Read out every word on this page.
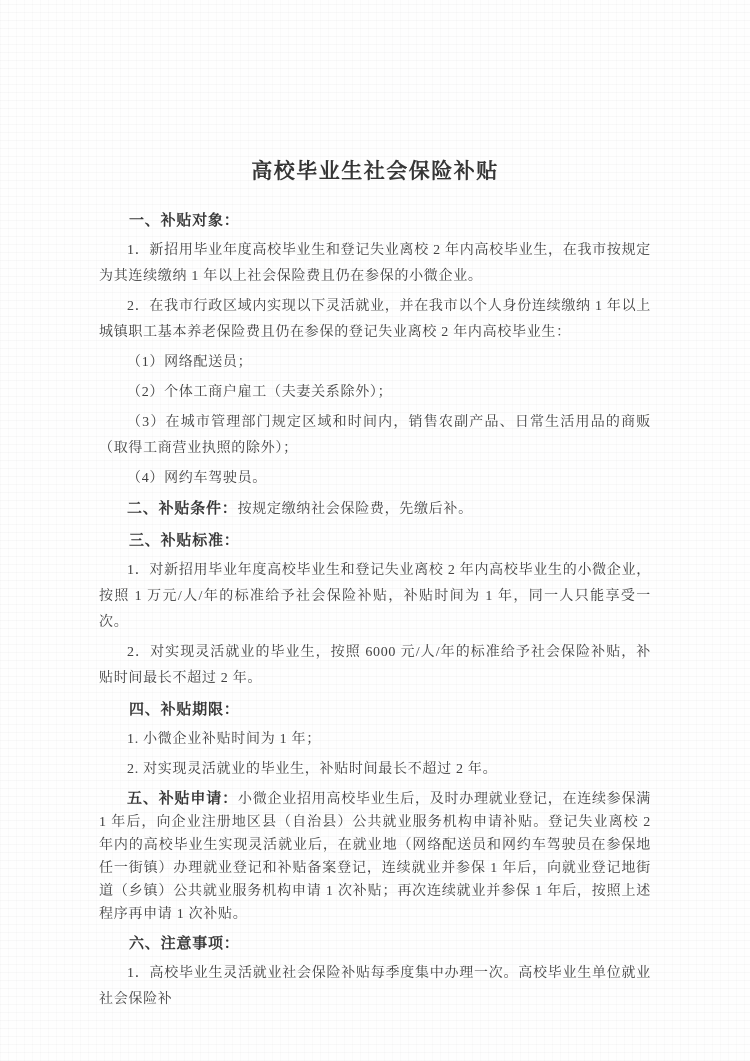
高校毕业生社会保险补贴
一、补贴对象：

1．新招用毕业年度高校毕业生和登记失业离校 2 年内高校毕业生，在我市按规定为其连续缴纳 1 年以上社会保险费且仍在参保的小微企业。

2．在我市行政区域内实现以下灵活就业，并在我市以个人身份连续缴纳 1 年以上城镇职工基本养老保险费且仍在参保的登记失业离校 2 年内高校毕业生：

（1）网络配送员；

（2）个体工商户雇工（夫妻关系除外）；

（3）在城市管理部门规定区域和时间内，销售农副产品、日常生活用品的商贩（取得工商营业执照的除外）；

（4）网约车驾驶员。

二、补贴条件：按规定缴纳社会保险费，先缴后补。

三、补贴标准：

1．对新招用毕业年度高校毕业生和登记失业离校 2 年内高校毕业生的小微企业，按照 1 万元/人/年的标准给予社会保险补贴，补贴时间为 1 年，同一人只能享受一次。

2．对实现灵活就业的毕业生，按照 6000 元/人/年的标准给予社会保险补贴，补贴时间最长不超过 2 年。

四、补贴期限：

1. 小微企业补贴时间为 1 年；

2. 对实现灵活就业的毕业生，补贴时间最长不超过 2 年。

五、补贴申请：小微企业招用高校毕业生后，及时办理就业登记，在连续参保满 1 年后，向企业注册地区县（自治县）公共就业服务机构申请补贴。登记失业离校 2 年内的高校毕业生实现灵活就业后，在就业地（网络配送员和网约车驾驶员在参保地任一街镇）办理就业登记和补贴备案登记，连续就业并参保 1 年后，向就业登记地街道（乡镇）公共就业服务机构申请 1 次补贴；再次连续就业并参保 1 年后，按照上述程序再申请 1 次补贴。

六、注意事项：

1．高校毕业生灵活就业社会保险补贴每季度集中办理一次。高校毕业生单位就业社会保险补
